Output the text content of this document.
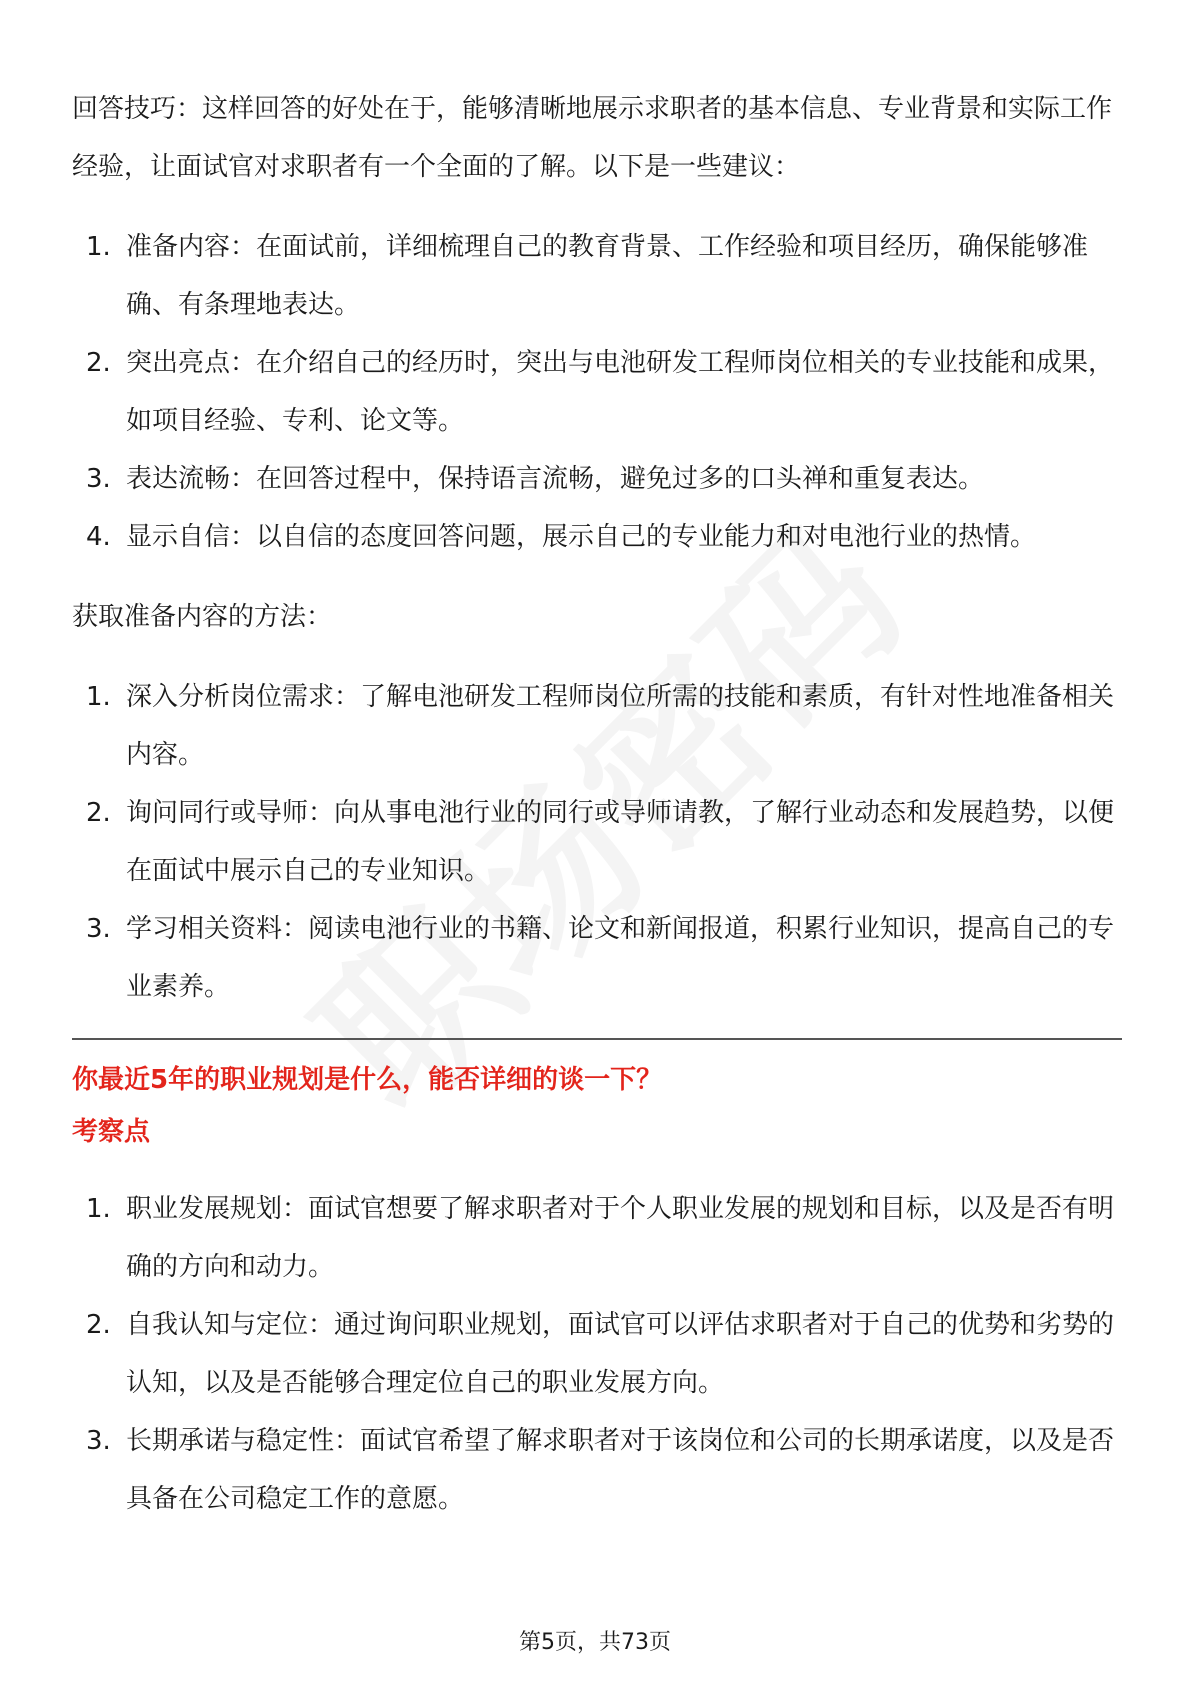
回答技巧：这样回答的好处在于，能够清晰地展示求职者的基本信息、专业背景和实际工作经验，让面试官对求职者有一个全面的了解。以下是一些建议：

1. 准备内容：在面试前，详细梳理自己的教育背景、工作经验和项目经历，确保能够准确、有条理地表达。
2. 突出亮点：在介绍自己的经历时，突出与电池研发工程师岗位相关的专业技能和成果，如项目经验、专利、论文等。
3. 表达流畅：在回答过程中，保持语言流畅，避免过多的口头禅和重复表达。
4. 显示自信：以自信的态度回答问题，展示自己的专业能力和对电池行业的热情。

获取准备内容的方法：

1. 深入分析岗位需求：了解电池研发工程师岗位所需的技能和素质，有针对性地准备相关内容。
2. 询问同行或导师：向从事电池行业的同行或导师请教，了解行业动态和发展趋势，以便在面试中展示自己的专业知识。
3. 学习相关资料：阅读电池行业的书籍、论文和新闻报道，积累行业知识，提高自己的专业素养。

你最近5年的职业规划是什么，能否详细的谈一下？

考察点

1. 职业发展规划：面试官想要了解求职者对于个人职业发展的规划和目标，以及是否有明确的方向和动力。
2. 自我认知与定位：通过询问职业规划，面试官可以评估求职者对于自己的优势和劣势的认知，以及是否能够合理定位自己的职业发展方向。
3. 长期承诺与稳定性：面试官希望了解求职者对于该岗位和公司的长期承诺度，以及是否具备在公司稳定工作的意愿。
第5页，共73页
